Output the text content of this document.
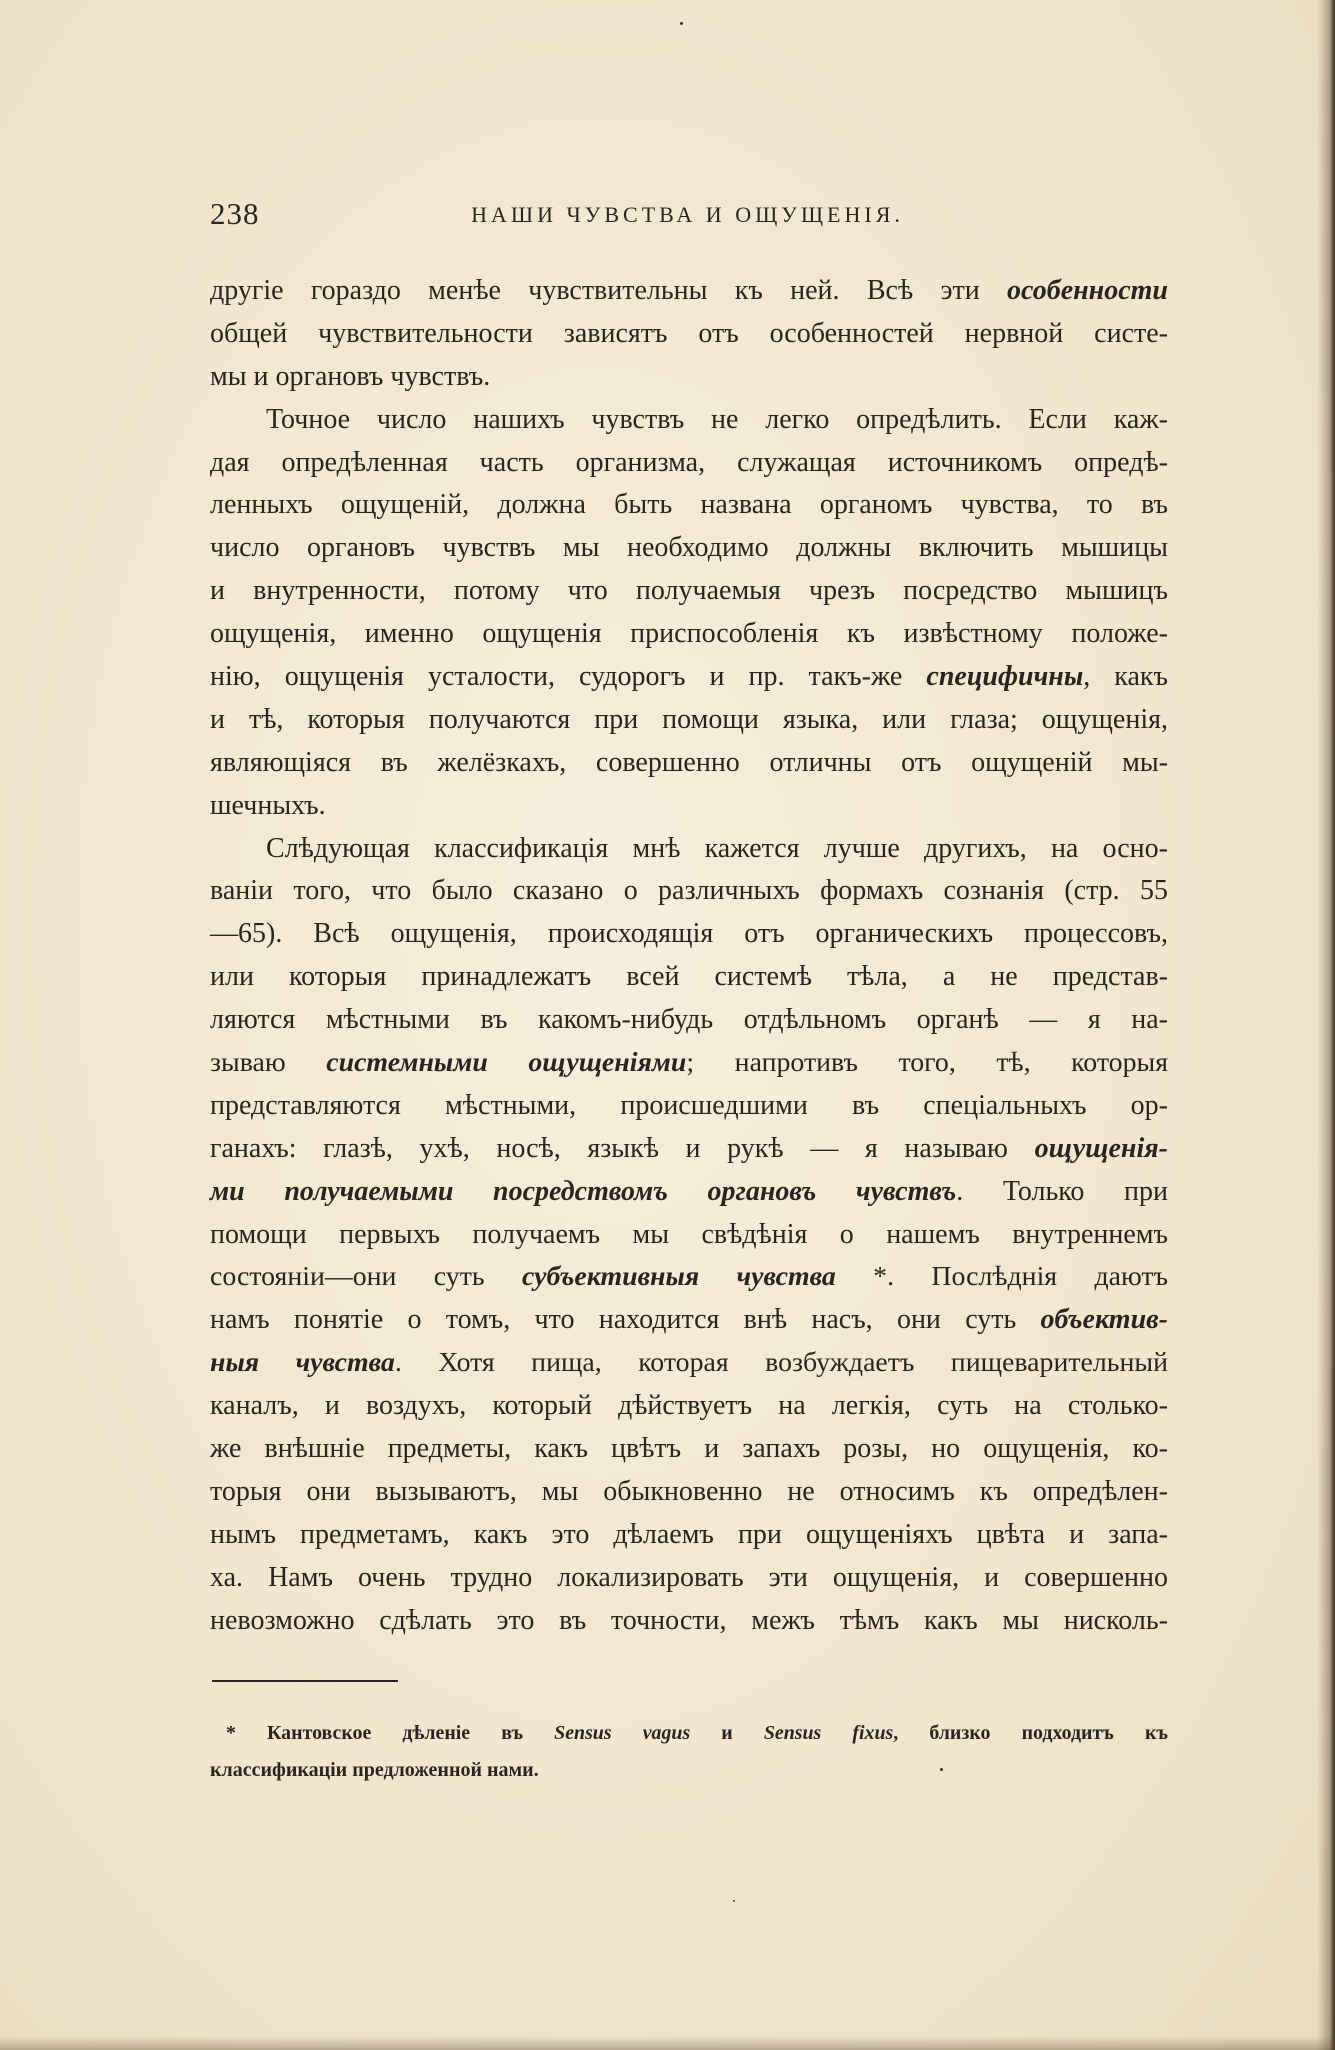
238	НАШИ ЧУВСТВА И ОЩУЩЕНІЯ.
другіе гораздо менѣе чувствительны къ ней. Всѣ эти особенности
общей чувствительности зависятъ отъ особенностей нервной систе-
мы и органовъ чувствъ.
Точное число нашихъ чувствъ не легко опредѣлить. Если каж-
дая опредѣленная часть организма, служащая источникомъ опредѣ-
ленныхъ ощущеній, должна быть названа органомъ чувства, то въ
число органовъ чувствъ мы необходимо должны включить мышицы
и внутренности, потому что получаемыя чрезъ посредство мышицъ
ощущенія, именно ощущенія приспособленія къ извѣстному положе-
нію, ощущенія усталости, судорогъ и пр. такъ-же специфичны, какъ
и тѣ, которыя получаются при помощи языка, или глаза; ощущенія,
являющіяся въ желёзкахъ, совершенно отличны отъ ощущеній мы-
шечныхъ.
Слѣдующая классификація мнѣ кажется лучше другихъ, на осно-
ваніи того, что было сказано о различныхъ формахъ сознанія (стр. 55
—65). Всѣ ощущенія, происходящія отъ органическихъ процессовъ,
или которыя принадлежатъ всей системѣ тѣла, а не представ-
ляются мѣстными въ какомъ-нибудь отдѣльномъ органѣ — я на-
зываю системными ощущеніями; напротивъ того, тѣ, которыя
представляются мѣстными, происшедшими въ спеціальныхъ ор-
ганахъ: глазѣ, ухѣ, носѣ, языкѣ и рукѣ — я называю ощущенія-
ми получаемыми посредствомъ органовъ чувствъ. Только при
помощи первыхъ получаемъ мы свѣдѣнія о нашемъ внутреннемъ
состояніи—они суть субъективныя чувства *. Послѣднія даютъ
намъ понятіе о томъ, что находится внѣ насъ, они суть объектив-
ныя чувства. Хотя пища, которая возбуждаетъ пищеварительный
каналъ, и воздухъ, который дѣйствуетъ на легкія, суть на столько-
же внѣшніе предметы, какъ цвѣтъ и запахъ розы, но ощущенія, ко-
торыя они вызываютъ, мы обыкновенно не относимъ къ опредѣлен-
нымъ предметамъ, какъ это дѣлаемъ при ощущеніяхъ цвѣта и запа-
ха. Намъ очень трудно локализировать эти ощущенія, и совершенно
невозможно сдѣлать это въ точности, межъ тѣмъ какъ мы нисколь-
* Кантовское дѣленіе въ Sensus vagus и Sensus fixus, близко подходитъ къ
классификаціи предложенной нами.
